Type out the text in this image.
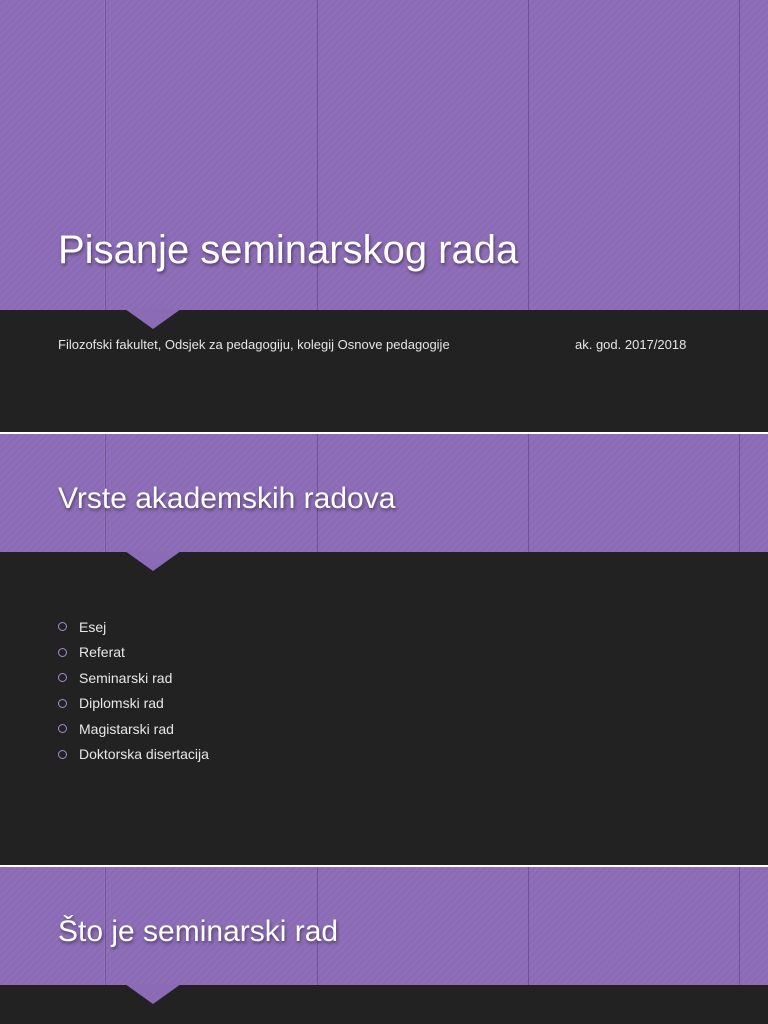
Pisanje seminarskog rada
Filozofski fakultet, Odsjek za pedagogiju, kolegij Osnove pedagogije	ak. god. 2017/2018
Vrste akademskih radova
Esej
Referat
Seminarski rad
Diplomski rad
Magistarski rad
Doktorska disertacija
Što je seminarski rad
